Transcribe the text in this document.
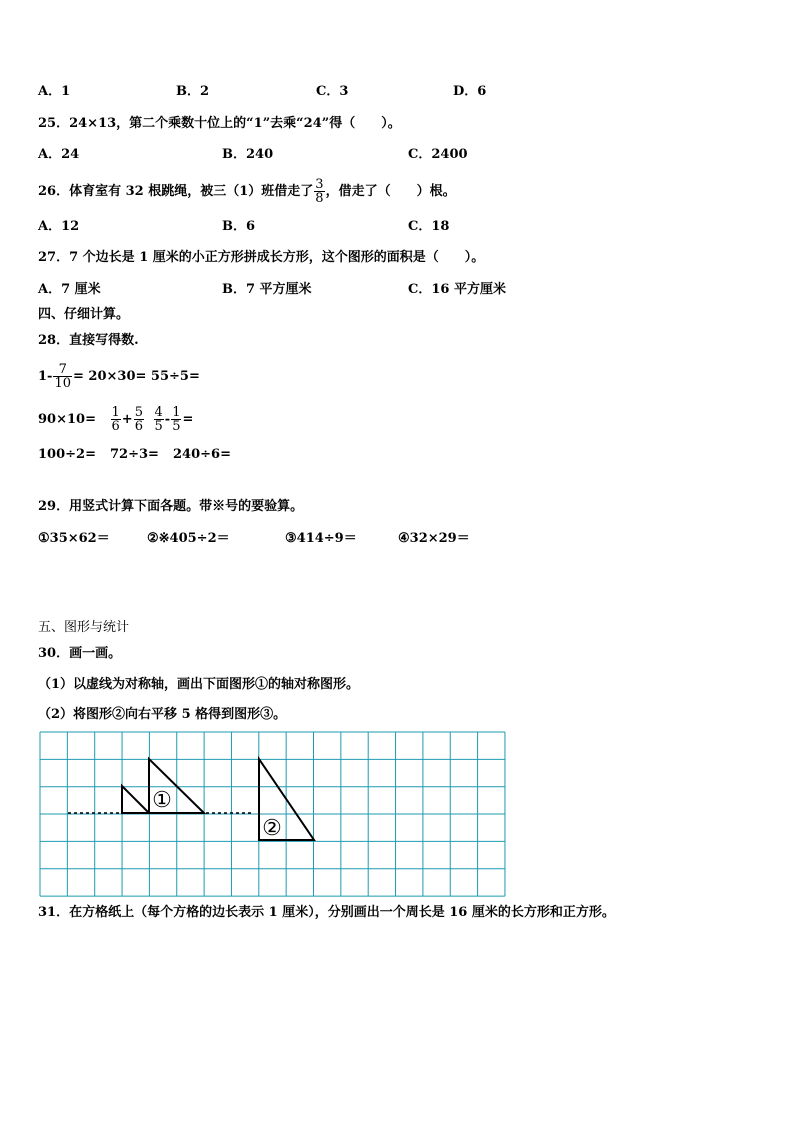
A．1	B．2	C．3	D．6
25．24×13，第二个乘数十位上的“1”去乘“24”得（　　）。
A．24	B．240	C．2400
26．体育室有 32 根跳绳，被三（1）班借走了 $\frac{3}{8}$ ，借走了（　　）根。
A．12	B．6	C．18
27．7 个边长是 1 厘米的小正方形拼成长方形，这个图形的面积是（　　）。
A．7 厘米	B．7 平方厘米	C．16 平方厘米
四、仔细计算。
28．直接写得数.
$1- \frac{7}{10} = 20\times 30= 55\div 5=$
$90\times 10= \frac{1}{6} + \frac{5}{6}$
$\frac{4}{5} - \frac{1}{5}$ =
100÷2= 72÷3= 240÷6=
29．用竖式计算下面各题。带※号的要验算。
①35×62＝	②※405÷2＝	③414÷9＝	④32×29＝
五、图形与统计
30．画一画。
（1）以虚线为对称轴，画出下面图形①的轴对称图形。
（2）将图形②向右平移 5 格得到图形③。
①
②
31．在方格纸上（每个方格的边长表示 1 厘米），分别画出一个周长是 16 厘米的长方形和正方形。
